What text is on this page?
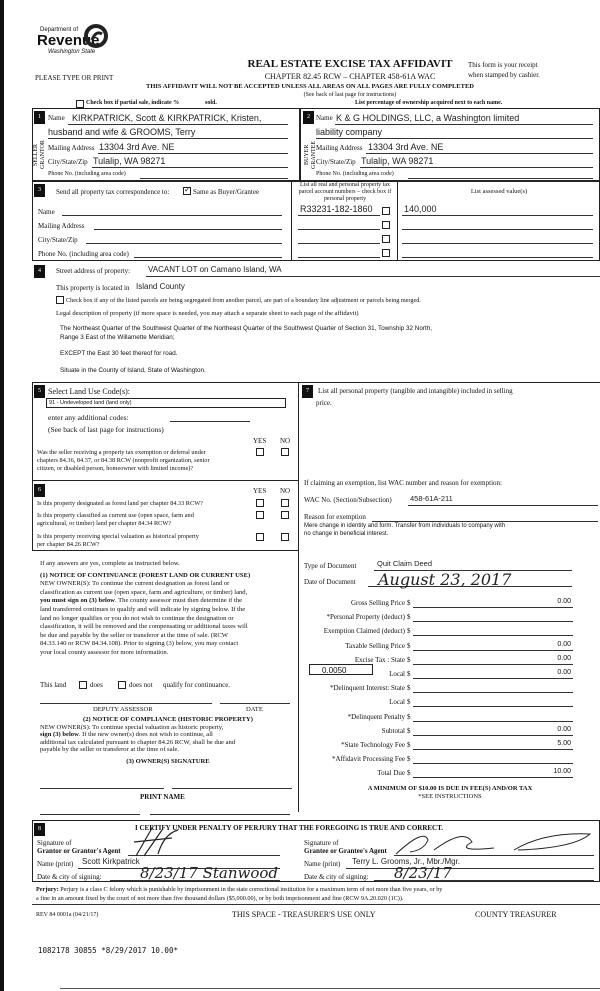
Department of
Revenue
Washington State
REAL ESTATE EXCISE TAX AFFIDAVIT
CHAPTER 82.45 RCW – CHAPTER 458-61A WAC
PLEASE TYPE OR PRINT
This form is your receipt
when stamped by cashier.
THIS AFFIDAVIT WILL NOT BE ACCEPTED UNLESS ALL AREAS ON ALL PAGES ARE FULLY COMPLETED
(See back of last page for instructions)
Check box if partial sale, indicate %	sold.	List percentage of ownership acquired next to each name.
1	2
SELLER GRANTOR	BUYER GRANTEE
Name KIRKPATRICK, Scott & KIRKPATRICK, Kristen,
husband and wife & GROOMS, Terry
Mailing Address 13304 3rd Ave. NE
City/State/Zip Tulalip, WA 98271
Phone No. (including area code)
Name K & G HOLDINGS, LLC, a Washington limited
liability company
Mailing Address 13304 3rd Ave. NE
City/State/Zip Tulalip, WA 98271
Phone No. (including area code)
3	Send all property tax correspondence to: ✓ Same as Buyer/Grantee
Name
Mailing Address
City/State/Zip
Phone No. (including area code)
List all real and personal property tax parcel account numbers – check box if personal property
List assessed value(s)
R33231-182-1860	140,000
4	Street address of property: VACANT LOT on Camano Island, WA
This property is located in Island County
Check box if any of the listed parcels are being segregated from another parcel, are part of a boundary line adjustment or parcels being merged.
Legal description of property (if more space is needed, you may attach a separate sheet to each page of the affidavit)
The Northeast Quarter of the Southwest Quarter of the Northeast Quarter of the Southwest Quarter of Section 31, Township 32 North,
Range 3 East of the Willamette Meridian;
EXCEPT the East 30 feet thereof for road.
Situate in the County of Island, State of Washington.
5 Select Land Use Code(s):
91 - Undeveloped land (land only)
enter any additional codes:
(See back of last page for instructions)
YES NO
Was the seller receiving a property tax exemption or deferral under
chapters 84.36, 84.37, or 84.38 RCW (nonprofit organization, senior
citizen, or disabled person, homeowner with limited income)?
6	YES NO
Is this property designated as forest land per chapter 84.33 RCW?
Is this property classified as current use (open space, farm and
agricultural, or timber) land per chapter 84.34 RCW?
Is this property receiving special valuation as historical property
per chapter 84.26 RCW?
If any answers are yes, complete as instructed below.
(1) NOTICE OF CONTINUANCE (FOREST LAND OR CURRENT USE)
NEW OWNER(S): To continue the current designation as forest land or
classification as current use (open space, farm and agriculture, or timber) land,
you must sign on (3) below. The county assessor must then determine if the
land transferred continues to qualify and will indicate by signing below. If the
land no longer qualifies or you do not wish to continue the designation or
classification, it will be removed and the compensating or additional taxes will
be due and payable by the seller or transferor at the time of sale. (RCW
84.33.140 or RCW 84.34.108). Prior to signing (3) below, you may contact
your local county assessor for more information.
This land	does	does not qualify for continuance.
DEPUTY ASSESSOR	DATE
(2) NOTICE OF COMPLIANCE (HISTORIC PROPERTY)
NEW OWNER(S): To continue special valuation as historic property,
sign (3) below. If the new owner(s) does not wish to continue, all
additional tax calculated pursuant to chapter 84.26 RCW, shall be due and
payable by the seller or transferor at the time of sale.
(3) OWNER(S) SIGNATURE
PRINT NAME
7	List all personal property (tangible and intangible) included in selling
price.
If claiming an exemption, list WAC number and reason for exemption:
WAC No. (Section/Subsection) 458-61A-211
Reason for exemption
Mere change in identity and form. Transfer from individuals to company with
no change in beneficial interest.
Type of Document	Quit Claim Deed
Date of Document August 23, 2017
0.0050
Gross Selling Price $	0.00
*Personal Property (deduct) $
Exemption Claimed (deduct) $
Taxable Selling Price $	0.00
Excise Tax : State $	0.00
Local $	0.00
*Delinquent Interest: State $
Local $
*Delinquent Penalty $
Subtotal $	0.00
*State Technology Fee $	5.00
*Affidavit Processing Fee $
Total Due $	10.00
A MINIMUM OF $10.00 IS DUE IN FEE(S) AND/OR TAX
*SEE INSTRUCTIONS
8	I CERTIFY UNDER PENALTY OF PERJURY THAT THE FOREGOING IS TRUE AND CORRECT.
Signature of
Grantor or Grantor's Agent
Name (print) Scott Kirkpatrick
Date & city of signing:	8/23/17 Stanwood
Signature of
Grantee or Grantee's Agent
Name (print) Terry L. Grooms, Jr., Mbr./Mgr.
Date & city of signing: 8/23/17
Perjury: Perjury is a class C felony which is punishable by imprisonment in the state correctional institution for a maximum term of not more than five years, or by
a fine in an amount fixed by the court of not more than five thousand dollars ($5,000.00), or by both imprisonment and fine (RCW 9A.20.020 (1C)).
REV 84 0001a (04/21/17)	THIS SPACE - TREASURER'S USE ONLY	COUNTY TREASURER
1082178 30855 *8/29/2017 10.00*
